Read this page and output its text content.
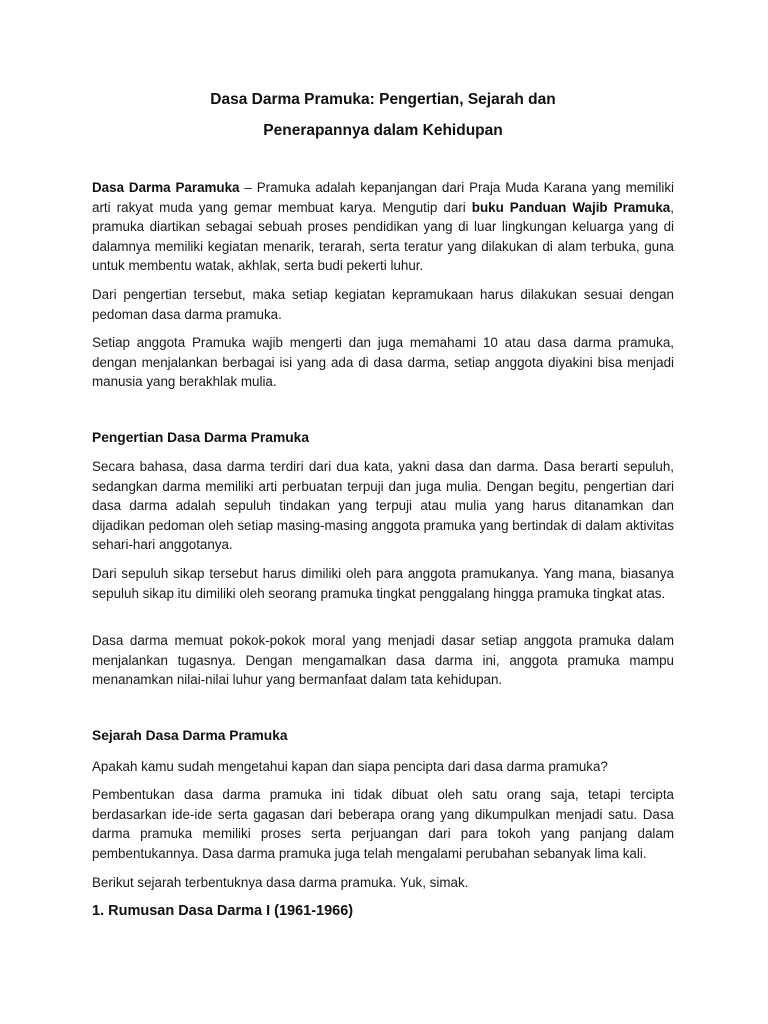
Dasa Darma Pramuka: Pengertian, Sejarah dan
Penerapannya dalam Kehidupan

Dasa Darma Paramuka – Pramuka adalah kepanjangan dari Praja Muda Karana yang memiliki arti rakyat muda yang gemar membuat karya. Mengutip dari buku Panduan Wajib Pramuka, pramuka diartikan sebagai sebuah proses pendidikan yang di luar lingkungan keluarga yang di dalamnya memiliki kegiatan menarik, terarah, serta teratur yang dilakukan di alam terbuka, guna untuk membentu watak, akhlak, serta budi pekerti luhur.

Dari pengertian tersebut, maka setiap kegiatan kepramukaan harus dilakukan sesuai dengan pedoman dasa darma pramuka.

Setiap anggota Pramuka wajib mengerti dan juga memahami 10 atau dasa darma pramuka, dengan menjalankan berbagai isi yang ada di dasa darma, setiap anggota diyakini bisa menjadi manusia yang berakhlak mulia.

Pengertian Dasa Darma Pramuka

Secara bahasa, dasa darma terdiri dari dua kata, yakni dasa dan darma. Dasa berarti sepuluh, sedangkan darma memiliki arti perbuatan terpuji dan juga mulia. Dengan begitu, pengertian dari dasa darma adalah sepuluh tindakan yang terpuji atau mulia yang harus ditanamkan dan dijadikan pedoman oleh setiap masing-masing anggota pramuka yang bertindak di dalam aktivitas sehari-hari anggotanya.

Dari sepuluh sikap tersebut harus dimiliki oleh para anggota pramukanya. Yang mana, biasanya sepuluh sikap itu dimiliki oleh seorang pramuka tingkat penggalang hingga pramuka tingkat atas.

Dasa darma memuat pokok-pokok moral yang menjadi dasar setiap anggota pramuka dalam menjalankan tugasnya. Dengan mengamalkan dasa darma ini, anggota pramuka mampu menanamkan nilai-nilai luhur yang bermanfaat dalam tata kehidupan.

Sejarah Dasa Darma Pramuka

Apakah kamu sudah mengetahui kapan dan siapa pencipta dari dasa darma pramuka?

Pembentukan dasa darma pramuka ini tidak dibuat oleh satu orang saja, tetapi tercipta berdasarkan ide-ide serta gagasan dari beberapa orang yang dikumpulkan menjadi satu. Dasa darma pramuka memiliki proses serta perjuangan dari para tokoh yang panjang dalam pembentukannya. Dasa darma pramuka juga telah mengalami perubahan sebanyak lima kali.

Berikut sejarah terbentuknya dasa darma pramuka. Yuk, simak.

1. Rumusan Dasa Darma I (1961-1966)
